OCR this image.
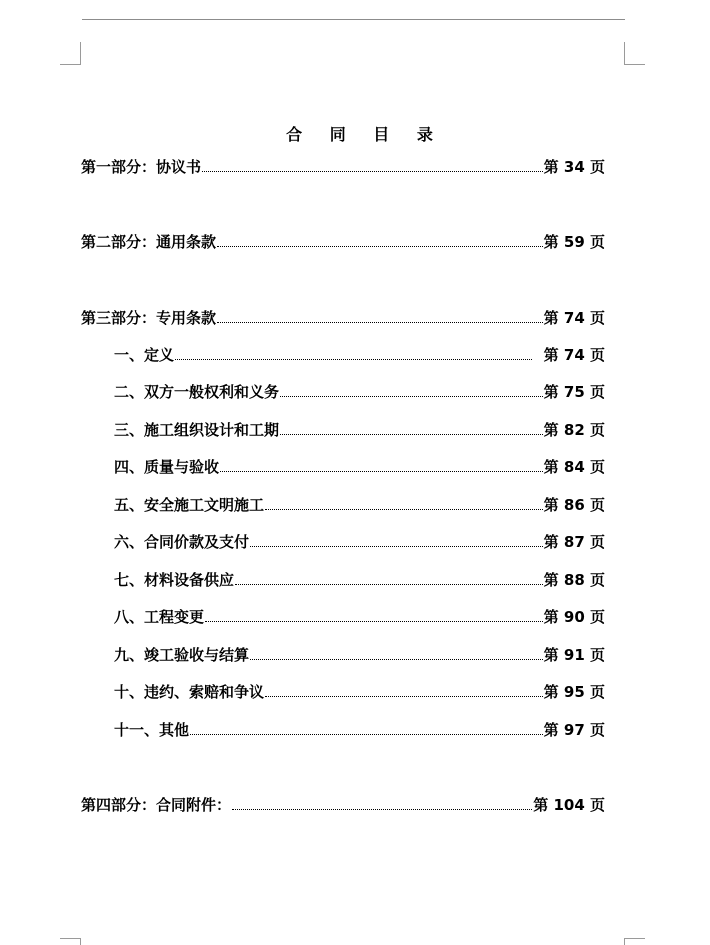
合 同 目 录
第一部分：协议书	第 34 页
第二部分：通用条款	第 59 页
第三部分：专用条款	第 74 页
一、定义	第 74 页
二、双方一般权利和义务	第 75 页
三、施工组织设计和工期	第 82 页
四、质量与验收	第 84 页
五、安全施工文明施工	第 86 页
六、合同价款及支付	第 87 页
七、材料设备供应	第 88 页
八、工程变更	第 90 页
九、竣工验收与结算	第 91 页
十、违约、索赔和争议	第 95 页
十一、其他	第 97 页
第四部分：合同附件：	第 104 页
